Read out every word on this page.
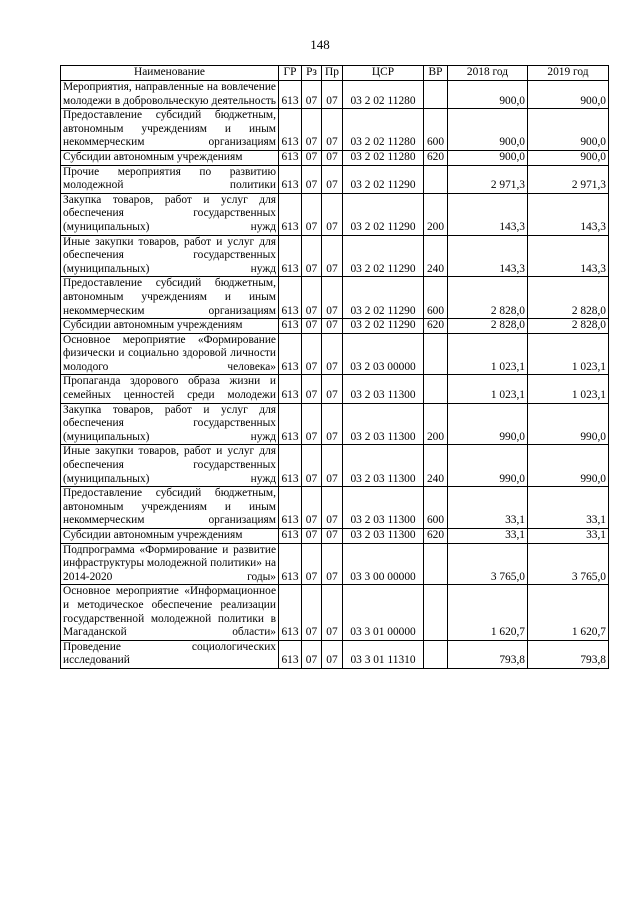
148
Наименование	ГР	Рз	Пр	ЦСР	ВР	2018 год	2019 год
Мероприятия, направленные на вовлечение молодежи в добровольческую деятельность	613	07	07	03 2 02 11280		900,0	900,0
Предоставление субсидий бюджетным, автономным учреждениям и иным некоммерческим организациям	613	07	07	03 2 02 11280	600	900,0	900,0
Субсидии автономным учреждениям	613	07	07	03 2 02 11280	620	900,0	900,0
Прочие мероприятия по развитию молодежной политики	613	07	07	03 2 02 11290		2 971,3	2 971,3
Закупка товаров, работ и услуг для обеспечения государственных (муниципальных) нужд	613	07	07	03 2 02 11290	200	143,3	143,3
Иные закупки товаров, работ и услуг для обеспечения государственных (муниципальных) нужд	613	07	07	03 2 02 11290	240	143,3	143,3
Предоставление субсидий бюджетным, автономным учреждениям и иным некоммерческим организациям	613	07	07	03 2 02 11290	600	2 828,0	2 828,0
Субсидии автономным учреждениям	613	07	07	03 2 02 11290	620	2 828,0	2 828,0
Основное мероприятие «Формирование физически и социально здоровой личности молодого человека»	613	07	07	03 2 03 00000		1 023,1	1 023,1
Пропаганда здорового образа жизни и семейных ценностей среди молодежи	613	07	07	03 2 03 11300		1 023,1	1 023,1
Закупка товаров, работ и услуг для обеспечения государственных (муниципальных) нужд	613	07	07	03 2 03 11300	200	990,0	990,0
Иные закупки товаров, работ и услуг для обеспечения государственных (муниципальных) нужд	613	07	07	03 2 03 11300	240	990,0	990,0
Предоставление субсидий бюджетным, автономным учреждениям и иным некоммерческим организациям	613	07	07	03 2 03 11300	600	33,1	33,1
Субсидии автономным учреждениям	613	07	07	03 2 03 11300	620	33,1	33,1
Подпрограмма «Формирование и развитие инфраструктуры молодежной политики» на 2014-2020 годы»	613	07	07	03 3 00 00000		3 765,0	3 765,0
Основное мероприятие «Информационное и методическое обеспечение реализации государственной молодежной политики в Магаданской области»	613	07	07	03 3 01 00000		1 620,7	1 620,7
Проведение социологических исследований	613	07	07	03 3 01 11310		793,8	793,8
